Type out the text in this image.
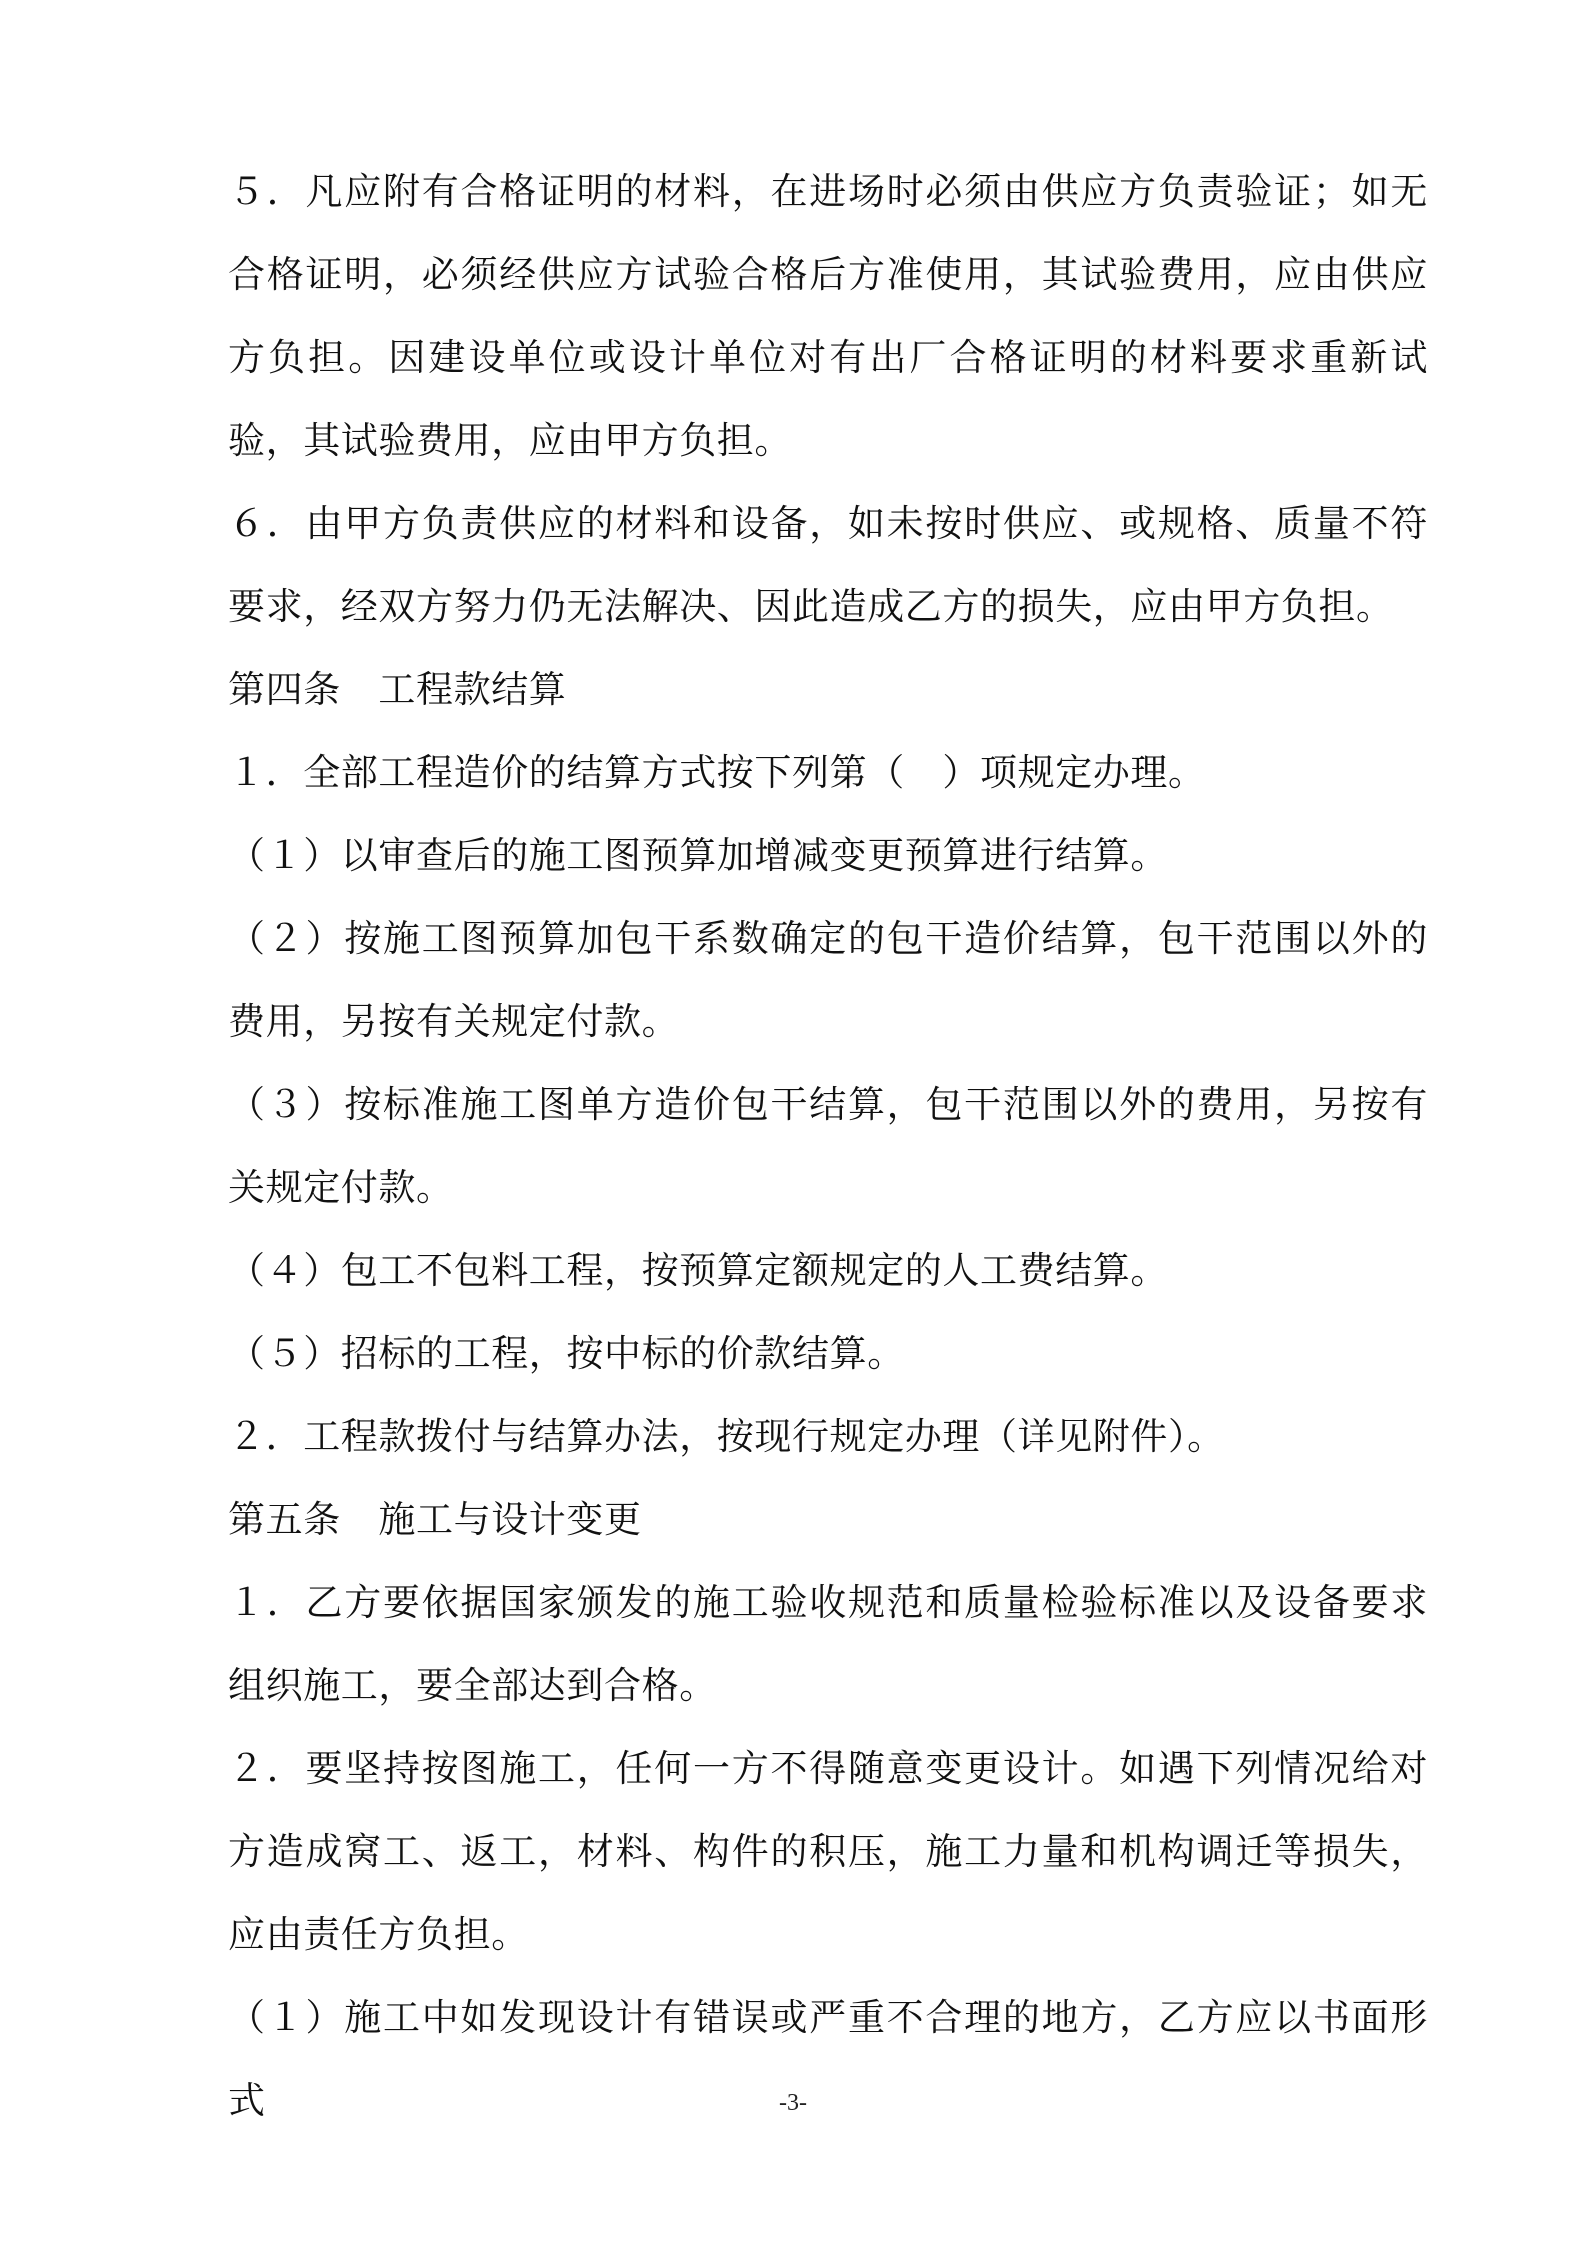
５．凡应附有合格证明的材料，在进场时必须由供应方负责验证；如无合格证明，必须经供应方试验合格后方准使用，其试验费用，应由供应方负担。因建设单位或设计单位对有出厂合格证明的材料要求重新试验，其试验费用，应由甲方负担。

６．由甲方负责供应的材料和设备，如未按时供应、或规格、质量不符要求，经双方努力仍无法解决、因此造成乙方的损失，应由甲方负担。

第四条　工程款结算

１．全部工程造价的结算方式按下列第（　）项规定办理。

（１）以审查后的施工图预算加增减变更预算进行结算。

（２）按施工图预算加包干系数确定的包干造价结算，包干范围以外的费用，另按有关规定付款。

（３）按标准施工图单方造价包干结算，包干范围以外的费用，另按有关规定付款。

（４）包工不包料工程，按预算定额规定的人工费结算。

（５）招标的工程，按中标的价款结算。

２．工程款拨付与结算办法，按现行规定办理（详见附件）。

第五条　施工与设计变更

１．乙方要依据国家颁发的施工验收规范和质量检验标准以及设备要求组织施工，要全部达到合格。

２．要坚持按图施工，任何一方不得随意变更设计。如遇下列情况给对方造成窝工、返工，材料、构件的积压，施工力量和机构调迁等损失，应由责任方负担。

（１）施工中如发现设计有错误或严重不合理的地方，乙方应以书面形式	-3-
